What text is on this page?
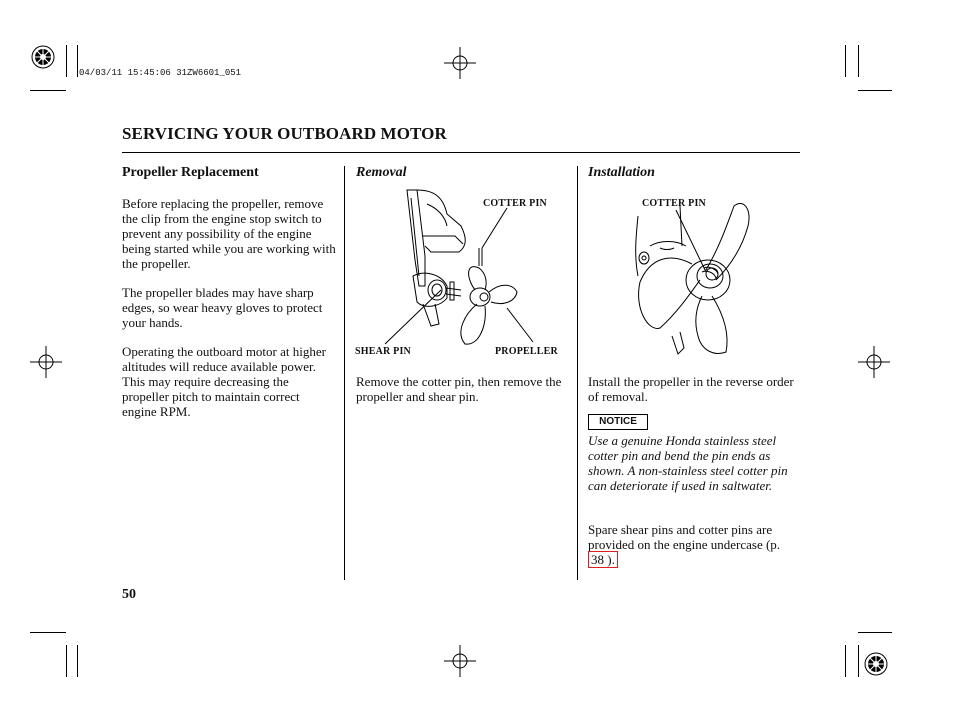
04/03/11 15:45:06 31ZW6601_051
SERVICING YOUR OUTBOARD MOTOR
Propeller Replacement

Before replacing the propeller, remove the clip from the engine stop switch to prevent any possibility of the engine being started while you are working with the propeller.

The propeller blades may have sharp edges, so wear heavy gloves to protect your hands.

Operating the outboard motor at higher altitudes will reduce available power. This may require decreasing the propeller pitch to maintain correct engine RPM.

Removal
COTTER PIN
SHEAR PIN	PROPELLER

Remove the cotter pin, then remove the propeller and shear pin.

Installation
COTTER PIN

Install the propeller in the reverse order of removal.

NOTICE

Use a genuine Honda stainless steel cotter pin and bend the pin ends as shown. A non-stainless steel cotter pin can deteriorate if used in saltwater.

Spare shear pins and cotter pins are provided on the engine undercase (p.
38 ).

50
